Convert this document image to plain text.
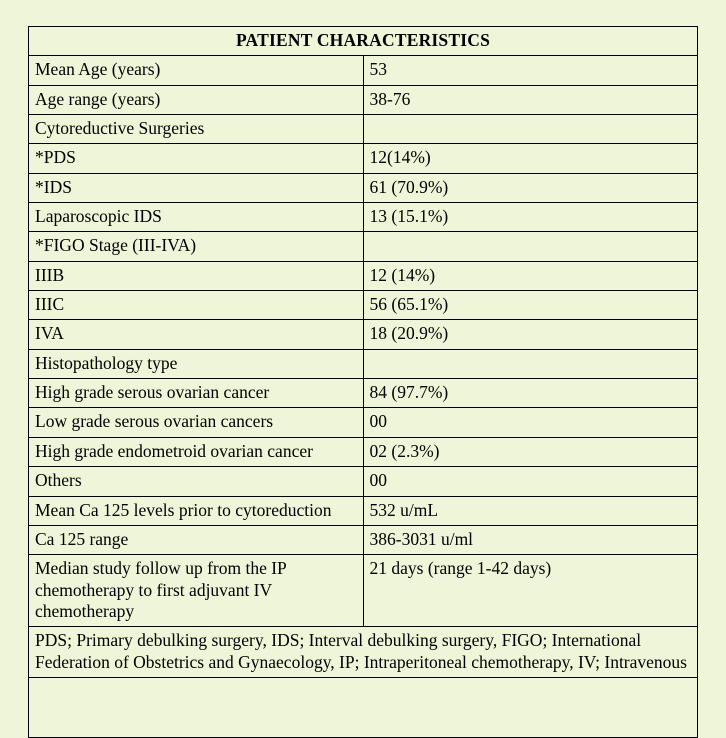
PATIENT CHARACTERISTICS	
Mean Age (years)	53
Age range (years)	38-76
Cytoreductive Surgeries	
*PDS	12(14%)
*IDS	61 (70.9%)
Laparoscopic IDS	13 (15.1%)
*FIGO Stage (III-IVA)	
IIIB	12 (14%)
IIIC	56 (65.1%)
IVA	18 (20.9%)
Histopathology type	
High grade serous ovarian cancer	84 (97.7%)
Low grade serous ovarian cancers	00
High grade endometroid ovarian cancer	02 (2.3%)
Others	00
Mean Ca 125 levels prior to cytoreduction	532 u/mL
Ca 125 range	386-3031 u/ml
Median study follow up from the IP chemotherapy to first adjuvant IV chemotherapy	21 days (range 1-42 days)
PDS; Primary debulking surgery, IDS; Interval debulking surgery, FIGO; International Federation of Obstetrics and Gynaecology, IP; Intraperitoneal chemotherapy, IV; Intravenous	
